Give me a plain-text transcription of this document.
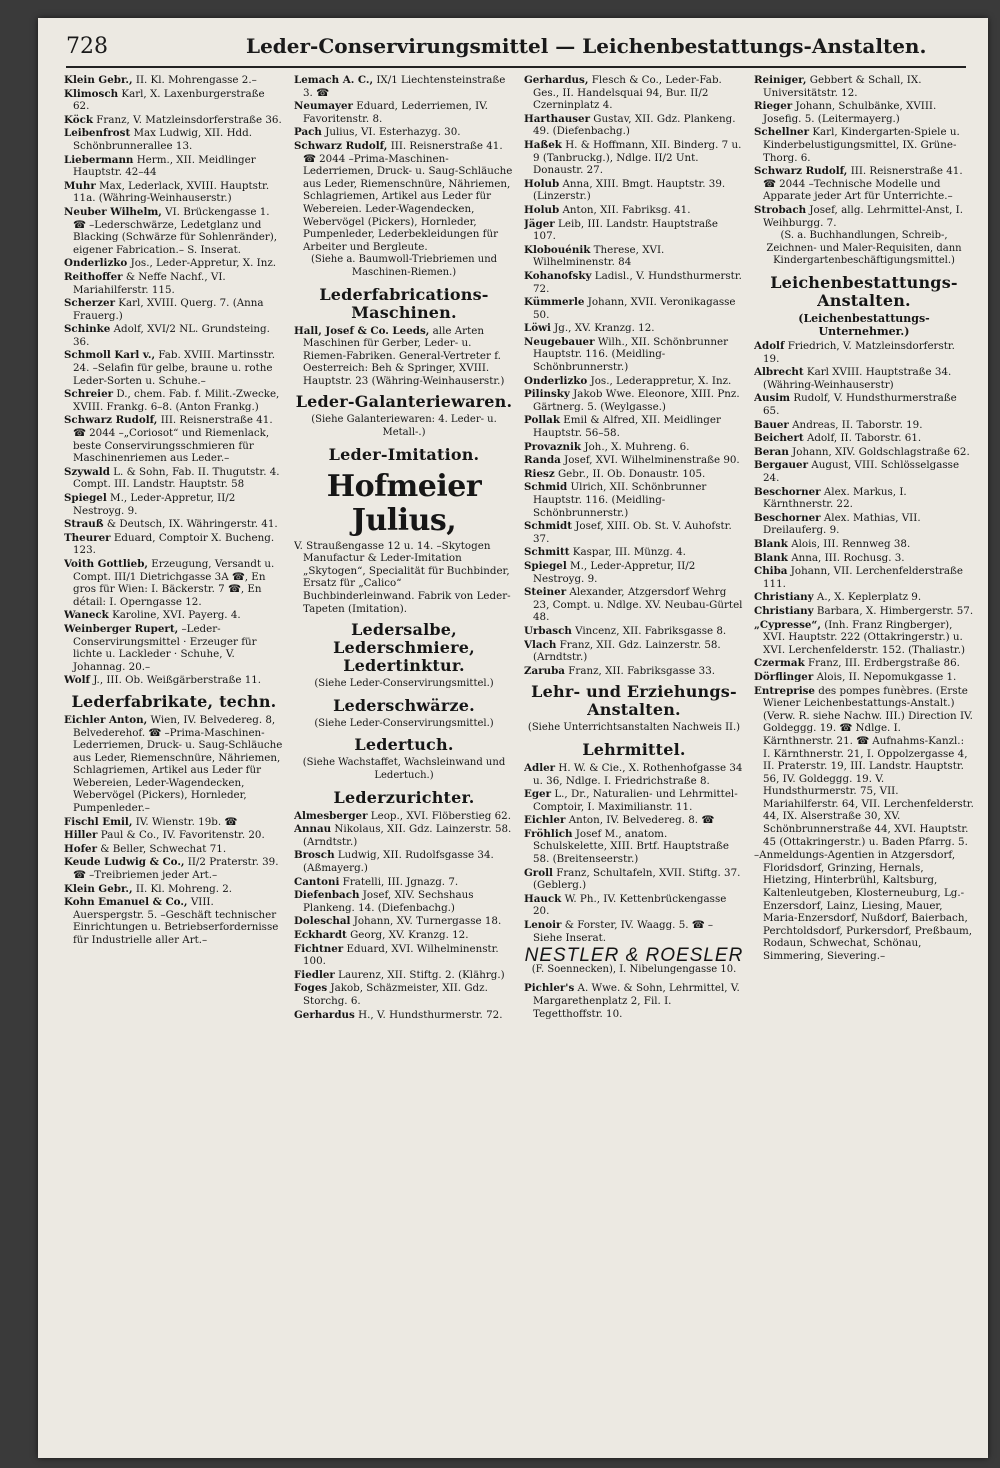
728	Leder-Conservirungsmittel — Leichenbestattungs-Anstalten.
Klein Gebr., II. Kl. Mohrengasse 2.–
Klimosch Karl, X. Laxenburgerstraße 62.
Köck Franz, V. Matzleinsdorferstraße 36.
Leibenfrost Max Ludwig, XII. Hdd. Schönbrunnerallee 13.
Liebermann Herm., XII. Meidlinger Hauptstr. 42–44
Muhr Max, Lederlack, XVIII. Hauptstr. 11a. (Währing-Weinhauserstr.)
Neuber Wilhelm, VI. Brückengasse 1. ☎ –Lederschwärze, Ledetglanz und Blacking (Schwärze für Sohlenränder), eigener Fabrication.– S. Inserat.
Onderlizko Jos., Leder-Appretur, X. Inz.
Reithoffer & Neffe Nachf., VI. Mariahilferstr. 115.
Scherzer Karl, XVIII. Querg. 7. (Anna Frauerg.)
Schinke Adolf, XVI/2 NL. Grundsteing. 36.
Schmoll Karl v., Fab. XVIII. Martinsstr. 24. –Selafin für gelbe, braune u. rothe Leder-Sorten u. Schuhe.–
Schreier D., chem. Fab. f. Milit.-Zwecke, XVIII. Frankg. 6–8. (Anton Frankg.)
Schwarz Rudolf, III. Reisnerstraße 41. ☎ 2044 –„Coriosot“ und Riemenlack, beste Conservirungsschmieren für Maschinenriemen aus Leder.–
Szywald L. & Sohn, Fab. II. Thugutstr. 4. Compt. III. Landstr. Hauptstr. 58
Spiegel M., Leder-Appretur, II/2 Nestroyg. 9.
Strauß & Deutsch, IX. Währingerstr. 41.
Theurer Eduard, Comptoir X. Bucheng. 123.
Voith Gottlieb, Erzeugung, Versandt u. Compt. III/1 Dietrichgasse 3A ☎, En gros für Wien: I. Bäckerstr. 7 ☎, En détail: I. Operngasse 12.
Waneck Karoline, XVI. Payerg. 4.
Weinberger Rupert, –Leder-Conservirungsmittel · Erzeuger für lichte u. Lackleder · Schuhe, V. Johannag. 20.–
Wolf J., III. Ob. Weißgärberstraße 11.
Lederfabrikate, techn.
Eichler Anton, Wien, IV. Belvedereg. 8, Belvederehof. ☎ –Prima-Maschinen-Lederriemen, Druck- u. Saug-Schläuche aus Leder, Riemenschnüre, Nähriemen, Schlagriemen, Artikel aus Leder für Webereien, Leder-Wagendecken, Webervögel (Pickers), Hornleder, Pumpenleder.–
Fischl Emil, IV. Wienstr. 19b. ☎
Hiller Paul & Co., IV. Favoritenstr. 20.
Hofer & Beller, Schwechat 71.
Keude Ludwig & Co., II/2 Praterstr. 39. ☎ –Treibriemen jeder Art.–
Klein Gebr., II. Kl. Mohreng. 2.
Kohn Emanuel & Co., VIII. Auerspergstr. 5. –Geschäft technischer Einrichtungen u. Betriebserfordernisse für Industrielle aller Art.–
Lemach A. C., IX/1 Liechtensteinstraße 3. ☎
Neumayer Eduard, Lederriemen, IV. Favoritenstr. 8.
Pach Julius, VI. Esterhazyg. 30.
Schwarz Rudolf, III. Reisnerstraße 41. ☎ 2044 –Prima-Maschinen-Lederriemen, Druck- u. Saug-Schläuche aus Leder, Riemenschnüre, Nähriemen, Schlagriemen, Artikel aus Leder für Webereien. Leder-Wagendecken, Webervögel (Pickers), Hornleder, Pumpenleder, Lederbekleidungen für Arbeiter und Bergleute.
(Siehe a. Baumwoll-Triebriemen und Maschinen-Riemen.)
Lederfabrications-Maschinen.
Hall, Josef & Co. Leeds, alle Arten Maschinen für Gerber, Leder- u. Riemen-Fabriken. General-Vertreter f. Oesterreich: Beh & Springer, XVIII. Hauptstr. 23 (Währing-Weinhauserstr.)
Leder-Galanteriewaren.
(Siehe Galanteriewaren: 4. Leder- u. Metall-.)
Leder-Imitation.
Hofmeier Julius,
V. Straußengasse 12 u. 14. –Skytogen Manufactur & Leder-Imitation „Skytogen“, Specialität für Buchbinder, Ersatz für „Calico“ Buchbinderleinwand. Fabrik von Leder-Tapeten (Imitation).
Ledersalbe, Lederschmiere, Ledertinktur.
(Siehe Leder-Conservirungsmittel.)
Lederschwärze.
(Siehe Leder-Conservirungsmittel.)
Ledertuch.
(Siehe Wachstaffet, Wachsleinwand und Ledertuch.)
Lederzurichter.
Almesberger Leop., XVI. Flöberstieg 62.
Annau Nikolaus, XII. Gdz. Lainzerstr. 58. (Arndtstr.)
Brosch Ludwig, XII. Rudolfsgasse 34. (Aßmayerg.)
Cantoni Fratelli, III. Jgnazg. 7.
Diefenbach Josef, XIV. Sechshaus Plankeng. 14. (Diefenbachg.)
Doleschal Johann, XV. Turnergasse 18.
Eckhardt Georg, XV. Kranzg. 12.
Fichtner Eduard, XVI. Wilhelminenstr. 100.
Fiedler Laurenz, XII. Stiftg. 2. (Klährg.)
Foges Jakob, Schäzmeister, XII. Gdz. Storchg. 6.
Gerhardus H., V. Hundsthurmerstr. 72.
Gerhardus, Flesch & Co., Leder-Fab. Ges., II. Handelsquai 94, Bur. II/2 Czerninplatz 4.
Harthauser Gustav, XII. Gdz. Plankeng. 49. (Diefenbachg.)
Haßek H. & Hoffmann, XII. Binderg. 7 u. 9 (Tanbruckg.), Ndlge. II/2 Unt. Donaustr. 27.
Holub Anna, XIII. Bmgt. Hauptstr. 39. (Linzerstr.)
Holub Anton, XII. Fabriksg. 41.
Jäger Leib, III. Landstr. Hauptstraße 107.
Klobouénik Therese, XVI. Wilhelminenstr. 84
Kohanofsky Ladisl., V. Hundsthurmerstr. 72.
Kümmerle Johann, XVII. Veronikagasse 50.
Löwi Jg., XV. Kranzg. 12.
Neugebauer Wilh., XII. Schönbrunner Hauptstr. 116. (Meidling-Schönbrunnerstr.)
Onderlizko Jos., Lederappretur, X. Inz.
Pilinsky Jakob Wwe. Eleonore, XIII. Pnz. Gärtnerg. 5. (Weylgasse.)
Pollak Emil & Alfred, XII. Meidlinger Hauptstr. 56–58.
Provaznik Joh., X. Muhreng. 6.
Randa Josef, XVI. Wilhelminenstraße 90.
Riesz Gebr., II. Ob. Donaustr. 105.
Schmid Ulrich, XII. Schönbrunner Hauptstr. 116. (Meidling-Schönbrunnerstr.)
Schmidt Josef, XIII. Ob. St. V. Auhofstr. 37.
Schmitt Kaspar, III. Münzg. 4.
Spiegel M., Leder-Appretur, II/2 Nestroyg. 9.
Steiner Alexander, Atzgersdorf Wehrg 23, Compt. u. Ndlge. XV. Neubau-Gürtel 48.
Urbasch Vincenz, XII. Fabriksgasse 8.
Vlach Franz, XII. Gdz. Lainzerstr. 58. (Arndtstr.)
Zaruba Franz, XII. Fabriksgasse 33.
Lehr- und Erziehungs-Anstalten.
(Siehe Unterrichtsanstalten Nachweis II.)
Lehrmittel.
Adler H. W. & Cie., X. Rothenhofgasse 34 u. 36, Ndlge. I. Friedrichstraße 8.
Eger L., Dr., Naturalien- und Lehrmittel-Comptoir, I. Maximilianstr. 11.
Eichler Anton, IV. Belvedereg. 8. ☎
Fröhlich Josef M., anatom. Schulskelette, XIII. Brtf. Hauptstraße 58. (Breitenseerstr.)
Groll Franz, Schultafeln, XVII. Stiftg. 37. (Geblerg.)
Hauck W. Ph., IV. Kettenbrückengasse 20.
Lenoir & Forster, IV. Waagg. 5. ☎ – Siehe Inserat.
NESTLER & ROESLER
(F. Soennecken), I. Nibelungengasse 10.
Pichler's A. Wwe. & Sohn, Lehrmittel, V. Margarethenplatz 2, Fil. I. Tegetthoffstr. 10.
Reiniger, Gebbert & Schall, IX. Universitätstr. 12.
Rieger Johann, Schulbänke, XVIII. Josefig. 5. (Leitermayerg.)
Schellner Karl, Kindergarten-Spiele u. Kinderbelustigungsmittel, IX. Grüne-Thorg. 6.
Schwarz Rudolf, III. Reisnerstraße 41. ☎ 2044 –Technische Modelle und Apparate jeder Art für Unterrichte.–
Strobach Josef, allg. Lehrmittel-Anst, I. Weihburgg. 7.
(S. a. Buchhandlungen, Schreib-, Zeichnen- und Maler-Requisiten, dann Kindergartenbeschäftigungsmittel.)
Leichenbestattungs-Anstalten.
(Leichenbestattungs-Unternehmer.)
Adolf Friedrich, V. Matzleinsdorferstr. 19.
Albrecht Karl XVIII. Hauptstraße 34. (Währing-Weinhauserstr)
Ausim Rudolf, V. Hundsthurmerstraße 65.
Bauer Andreas, II. Taborstr. 19.
Beichert Adolf, II. Taborstr. 61.
Beran Johann, XIV. Goldschlagstraße 62.
Bergauer August, VIII. Schlösselgasse 24.
Beschorner Alex. Markus, I. Kärnthnerstr. 22.
Beschorner Alex. Mathias, VII. Dreilauferg. 9.
Blank Alois, III. Rennweg 38.
Blank Anna, III. Rochusg. 3.
Chiba Johann, VII. Lerchenfelderstraße 111.
Christiany A., X. Keplerplatz 9.
Christiany Barbara, X. Himbergerstr. 57.
„Cypresse“, (Inh. Franz Ringberger), XVI. Hauptstr. 222 (Ottakringerstr.) u. XVI. Lerchenfelderstr. 152. (Thaliastr.)
Czermak Franz, III. Erdbergstraße 86.
Dörflinger Alois, II. Nepomukgasse 1.
Entreprise des pompes funèbres. (Erste Wiener Leichenbestattungs-Anstalt.) (Verw. R. siehe Nachw. III.) Direction IV. Goldeggg. 19. ☎ Ndlge. I. Kärnthnerstr. 21. ☎ Aufnahms-Kanzl.: I. Kärnthnerstr. 21, I. Oppolzergasse 4, II. Praterstr. 19, III. Landstr. Hauptstr. 56, IV. Goldeggg. 19. V. Hundsthurmerstr. 75, VII. Mariahilferstr. 64, VII. Lerchenfelderstr. 44, IX. Alserstraße 30, XV. Schönbrunnerstraße 44, XVI. Hauptstr. 45 (Ottakringerstr.) u. Baden Pfarrg. 5.
–Anmeldungs-Agentien in Atzgersdorf, Floridsdorf, Grinzing, Hernals, Hietzing, Hinterbrühl, Kaltsburg, Kaltenleutgeben, Klosterneuburg, Lg.-Enzersdorf, Lainz, Liesing, Mauer, Maria-Enzersdorf, Nußdorf, Baierbach, Perchtoldsdorf, Purkersdorf, Preßbaum, Rodaun, Schwechat, Schönau, Simmering, Sievering.–
